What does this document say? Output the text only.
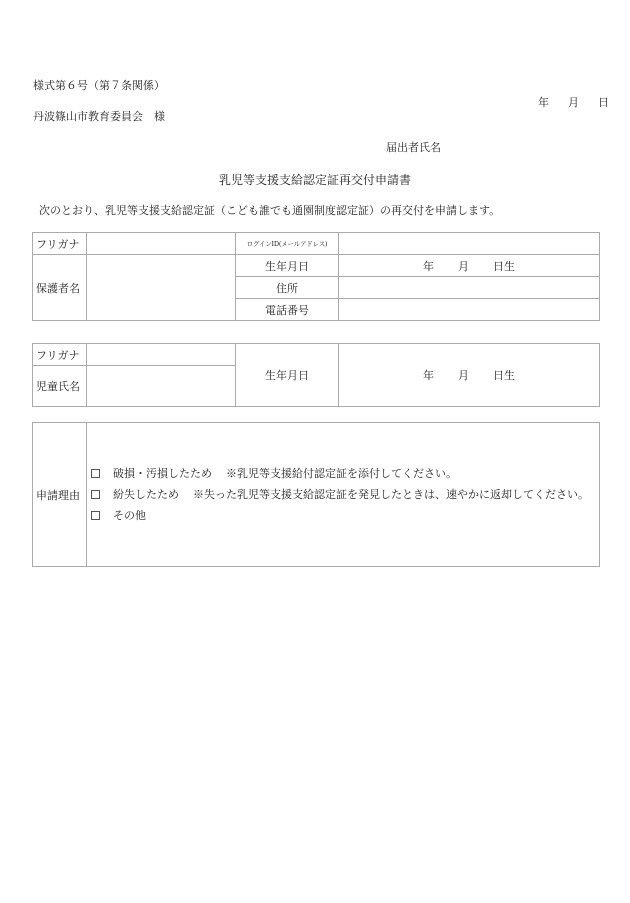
様式第６号（第７条関係）
年 月 日
丹波篠山市教育委員会　様
届出者氏名
乳児等支援支給認定証再交付申請書
次のとおり、乳児等支援支給認定証（こども誰でも通園制度認定証）の再交付を申請します。
フリガナ		ログインID(メールアドレス)	
保護者名		生年月日	年 月 日生
		住所	
		電話番号	
フリガナ		生年月日	年 月 日生
児童氏名			
申請理由	
破損・汚損したため ※乳児等支援給付認定証を添付してください。
紛失したため ※失った乳児等支援支給認定証を発見したときは、速やかに返却してください。
その他
